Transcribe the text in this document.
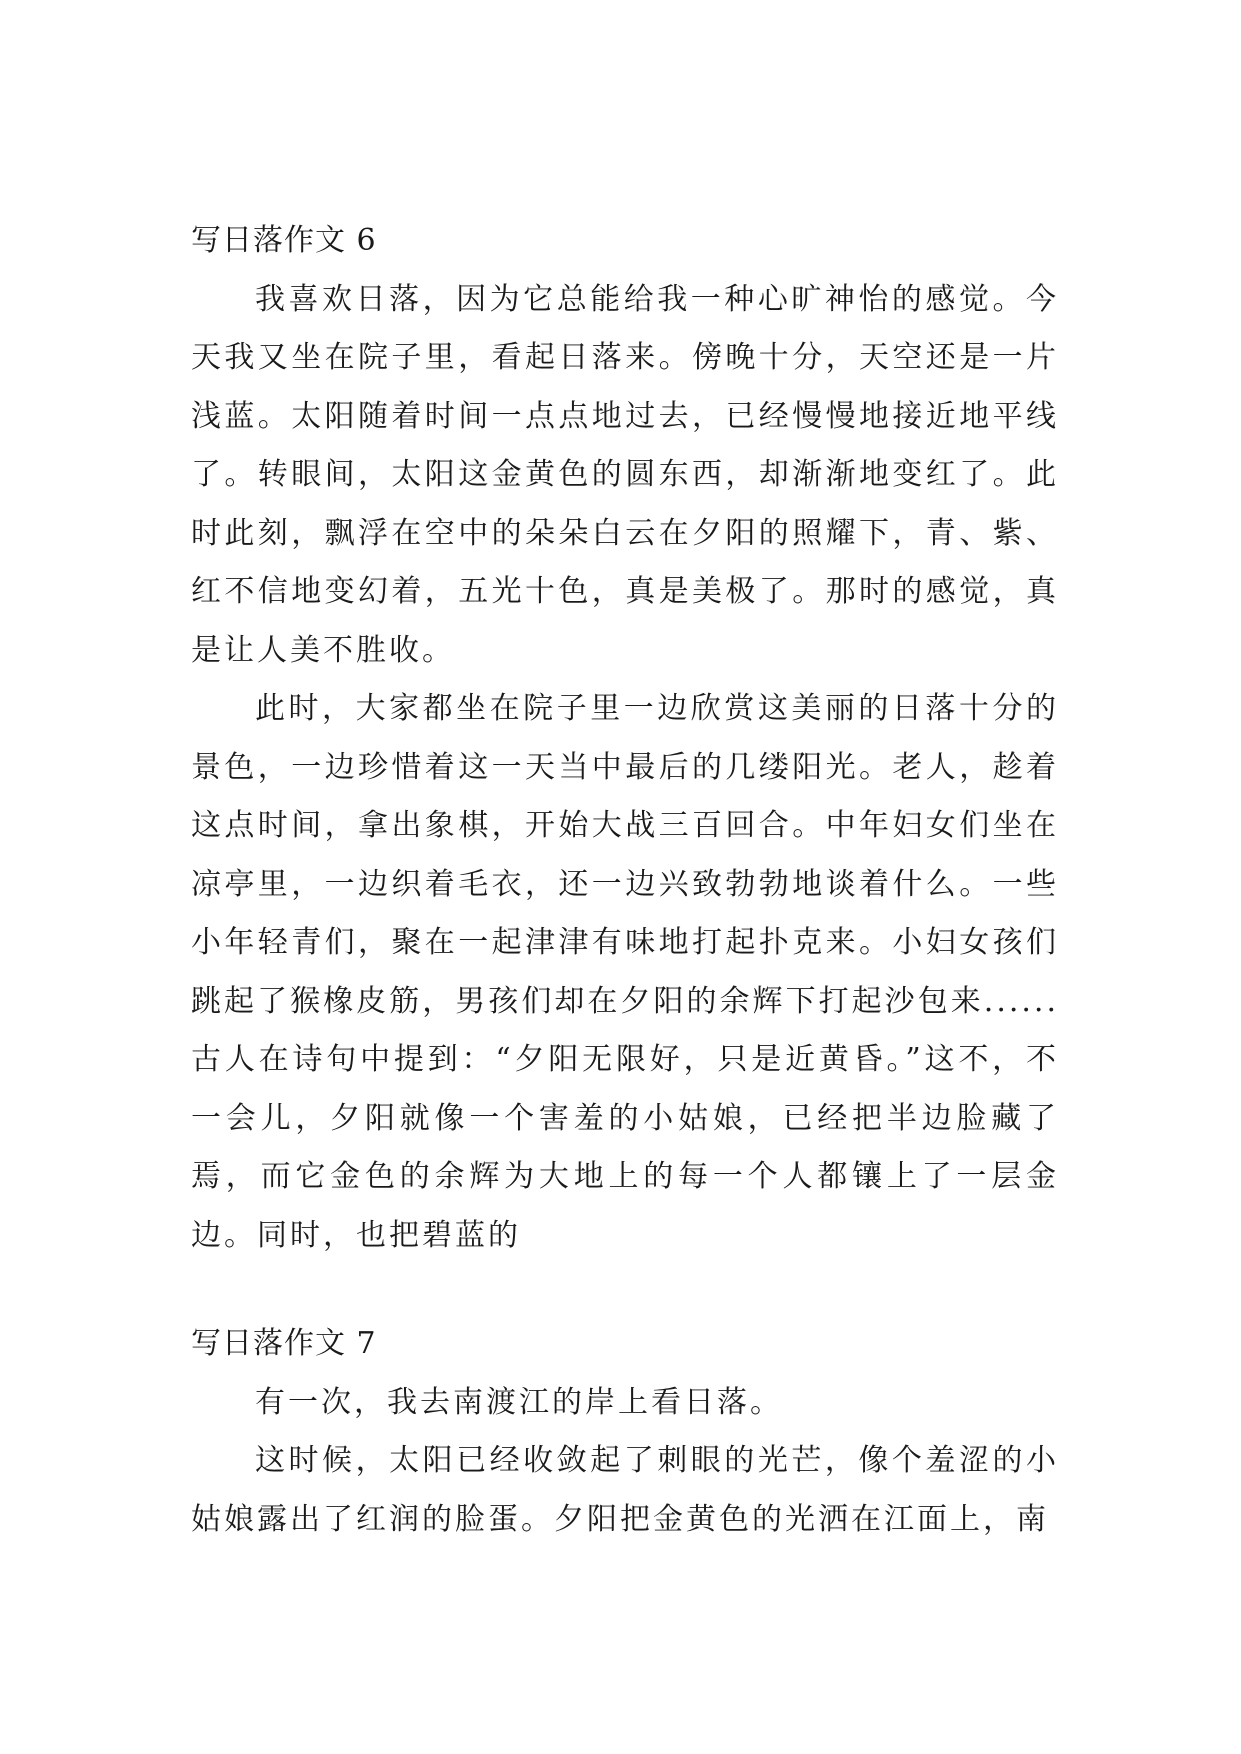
写日落作文 6

我喜欢日落，因为它总能给我一种心旷神怡的感觉。今天我又坐在院子里，看起日落来。傍晚十分，天空还是一片浅蓝。太阳随着时间一点点地过去，已经慢慢地接近地平线了。转眼间，太阳这金黄色的圆东西，却渐渐地变红了。此时此刻，飘浮在空中的朵朵白云在夕阳的照耀下，青、紫、红不信地变幻着，五光十色，真是美极了。那时的感觉，真是让人美不胜收。

此时，大家都坐在院子里一边欣赏这美丽的日落十分的景色，一边珍惜着这一天当中最后的几缕阳光。老人，趁着这点时间，拿出象棋，开始大战三百回合。中年妇女们坐在凉亭里，一边织着毛衣，还一边兴致勃勃地谈着什么。一些小年轻青们，聚在一起津津有味地打起扑克来。小妇女孩们跳起了猴橡皮筋，男孩们却在夕阳的余辉下打起沙包来......古人在诗句中提到：“夕阳无限好，只是近黄昏。”这不，不一会儿，夕阳就像一个害羞的小姑娘，已经把半边脸藏了焉，而它金色的余辉为大地上的每一个人都镶上了一层金边。同时，也把碧蓝的

写日落作文 7

有一次，我去南渡江的岸上看日落。

这时候，太阳已经收敛起了刺眼的光芒，像个羞涩的小姑娘露出了红润的脸蛋。夕阳把金黄色的光洒在江面上，南
